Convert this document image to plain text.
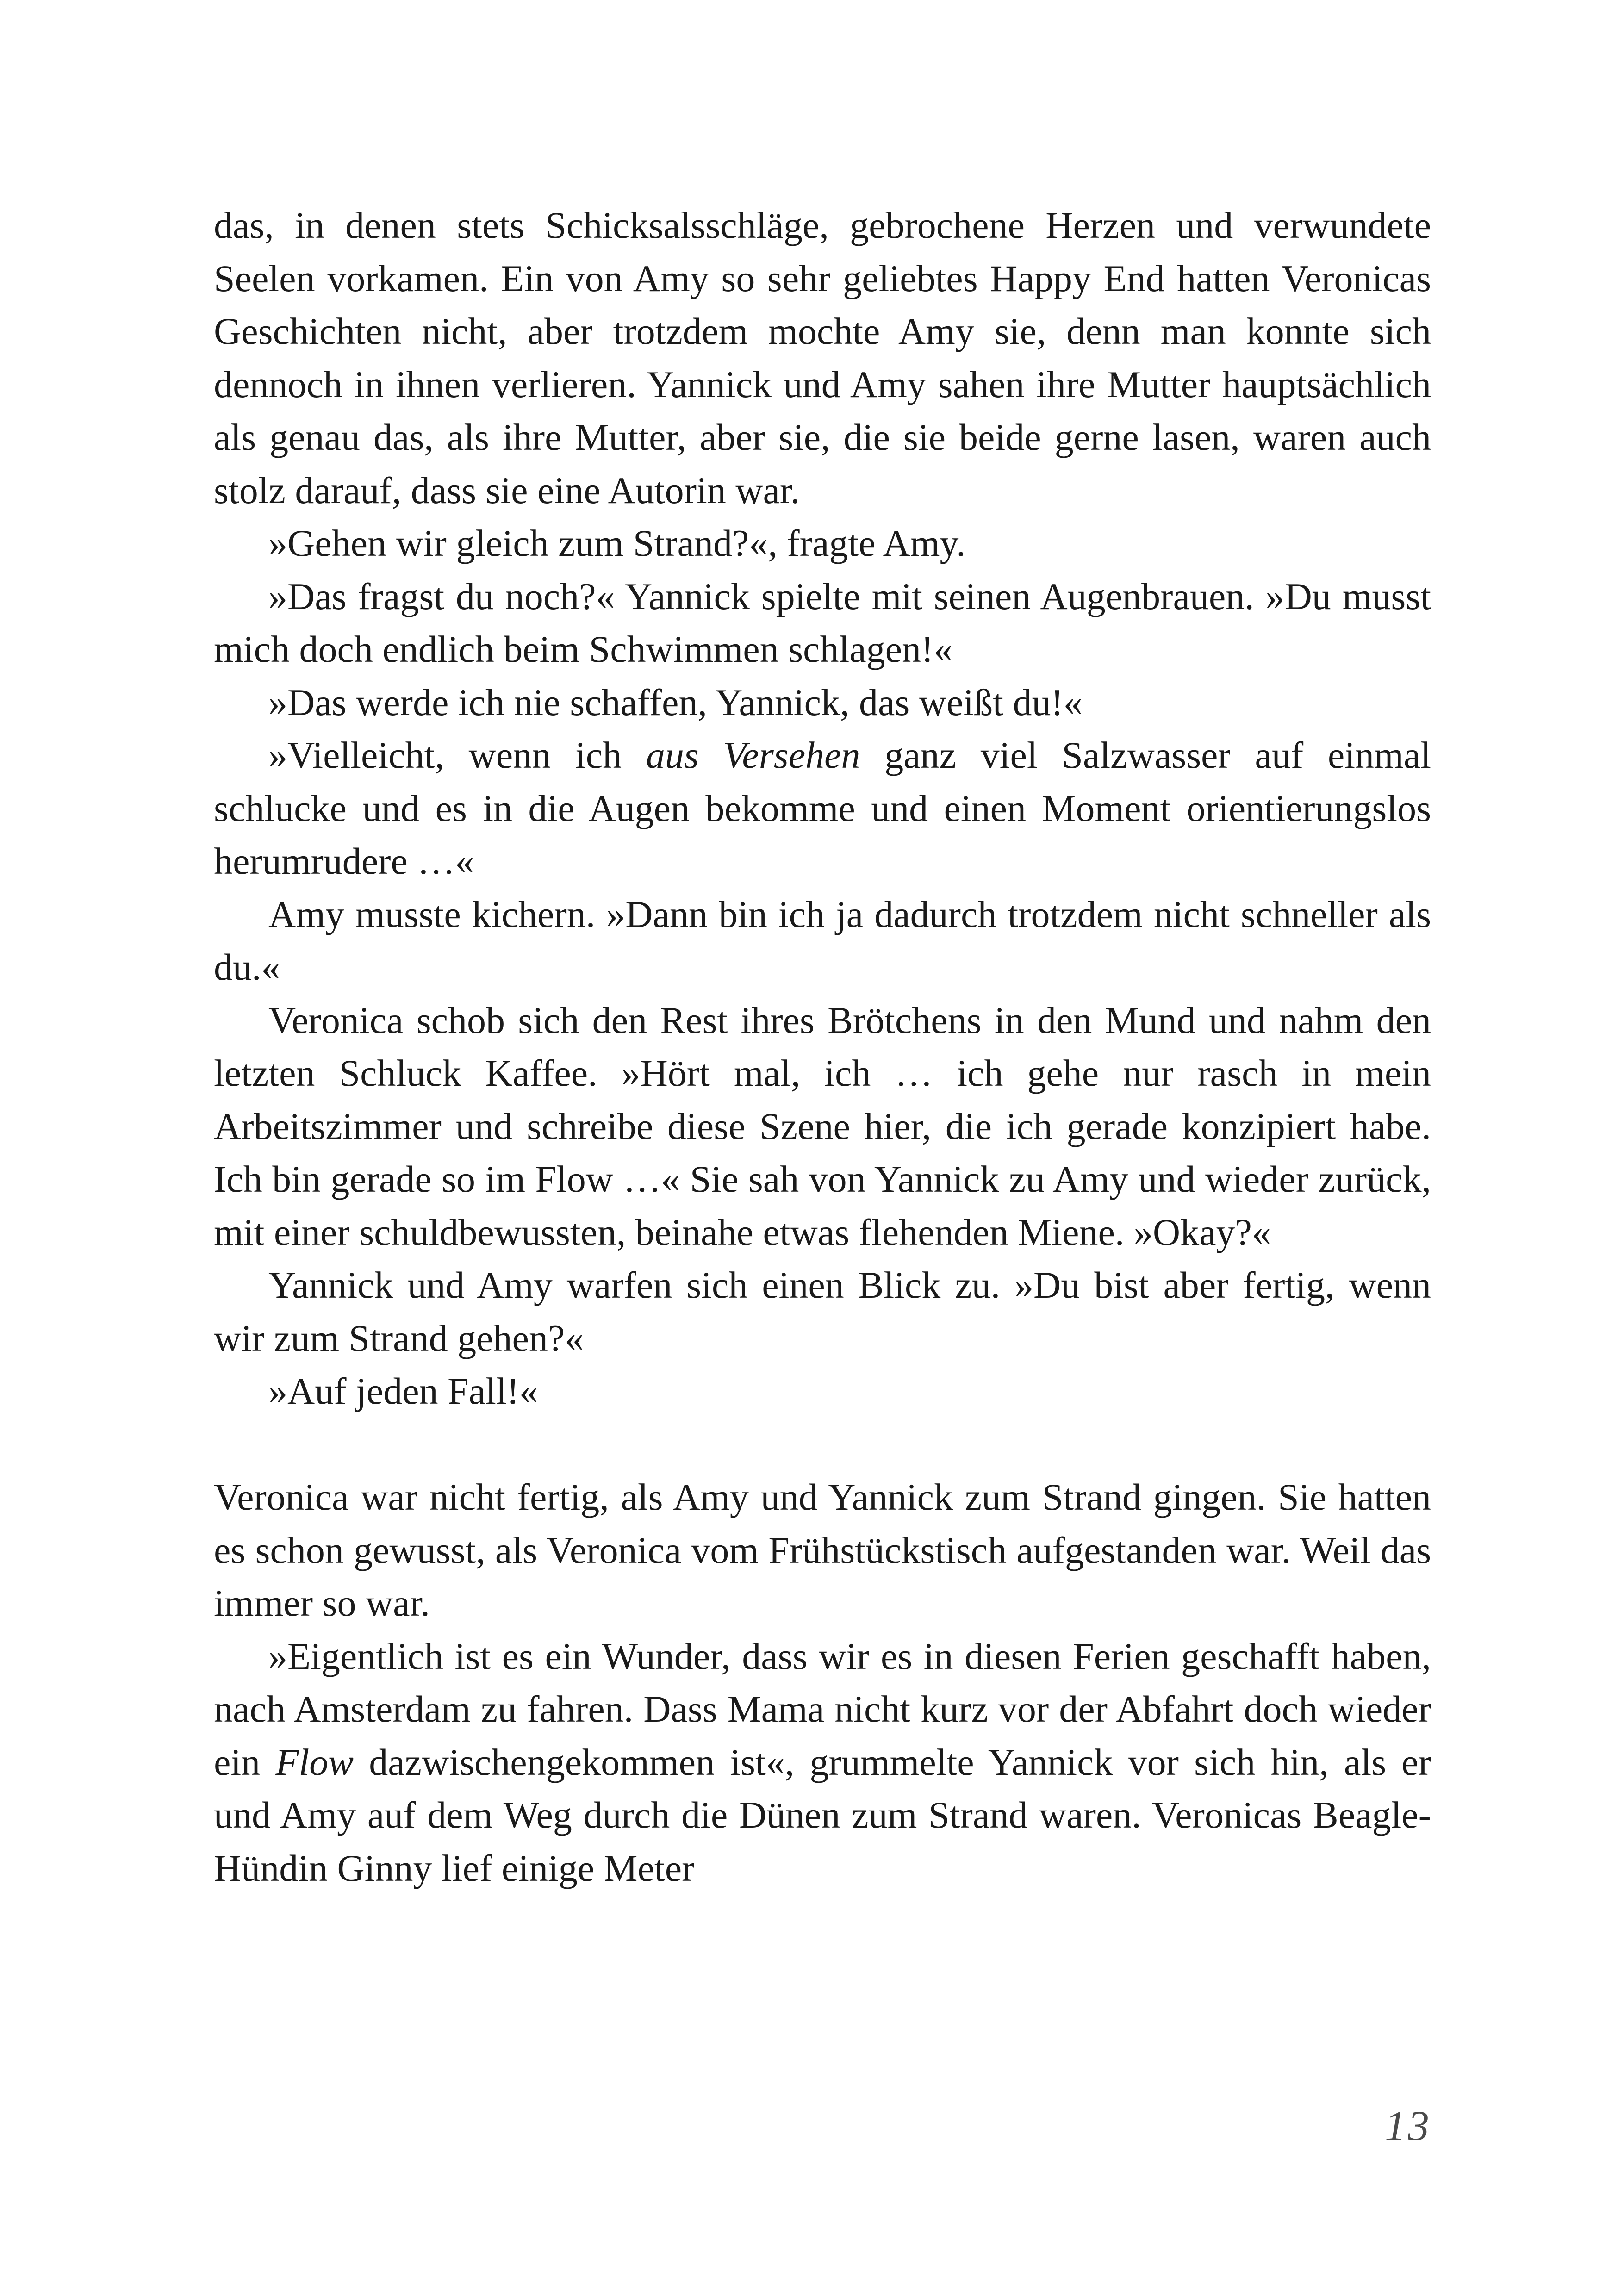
das, in denen stets Schicksalsschläge, gebrochene Herzen und verwundete Seelen vorkamen. Ein von Amy so sehr geliebtes Happy End hatten Veronicas Geschichten nicht, aber trotzdem mochte Amy sie, denn man konnte sich dennoch in ihnen verlieren. Yannick und Amy sahen ihre Mutter hauptsächlich als genau das, als ihre Mutter, aber sie, die sie beide gerne lasen, waren auch stolz darauf, dass sie eine Autorin war.

»Gehen wir gleich zum Strand?«, fragte Amy.

»Das fragst du noch?« Yannick spielte mit seinen Augenbrauen. »Du musst mich doch endlich beim Schwimmen schlagen!«

»Das werde ich nie schaffen, Yannick, das weißt du!«

»Vielleicht, wenn ich aus Versehen ganz viel Salzwasser auf einmal schlucke und es in die Augen bekomme und einen Moment orientierungslos herumrudere …«

Amy musste kichern. »Dann bin ich ja dadurch trotzdem nicht schneller als du.«

Veronica schob sich den Rest ihres Brötchens in den Mund und nahm den letzten Schluck Kaffee. »Hört mal, ich … ich gehe nur rasch in mein Arbeitszimmer und schreibe diese Szene hier, die ich gerade konzipiert habe. Ich bin gerade so im Flow …« Sie sah von Yannick zu Amy und wieder zurück, mit einer schuldbewussten, beinahe etwas flehenden Miene. »Okay?«

Yannick und Amy warfen sich einen Blick zu. »Du bist aber fertig, wenn wir zum Strand gehen?«

»Auf jeden Fall!«

Veronica war nicht fertig, als Amy und Yannick zum Strand gingen. Sie hatten es schon gewusst, als Veronica vom Frühstückstisch aufgestanden war. Weil das immer so war.

»Eigentlich ist es ein Wunder, dass wir es in diesen Ferien geschafft haben, nach Amsterdam zu fahren. Dass Mama nicht kurz vor der Abfahrt doch wieder ein Flow dazwischengekommen ist«, grummelte Yannick vor sich hin, als er und Amy auf dem Weg durch die Dünen zum Strand waren. Veronicas Beagle-Hündin Ginny lief einige Meter

13
